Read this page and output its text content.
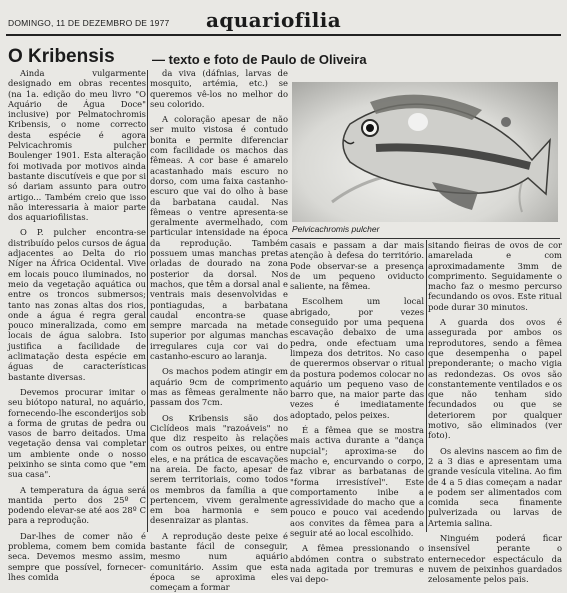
DOMINGO, 11 DE DEZEMBRO DE 1977 aquariofilia
O Kribensis	— texto e foto de Paulo de Oliveira

Ainda vulgarmente designado em obras recentes (na 1a. edição do meu livro "O Aquário de Água Doce" inclusive) por Pelmatochromis Kribensis, o nome correcto desta espécie é agora Pelvicachromis pulcher Boulenger 1901. Esta alteração foi motivada por motivos ainda bastante discutíveis e que por si só dariam assunto para outro artigo... Também creio que isso não interessaria à maior parte dos aquariofilistas.

O P. pulcher encontra-se distribuído pelos cursos de água adjacentes ao Delta do rio Níger na África Ocidental. Vive em locais pouco iluminados, no meio da vegetação aquática ou entre os troncos submersos; tanto nas zonas altas dos rios, onde a água é regra geral pouco mineralizada, como em locais de água salobra. Isto justifica a facilidade de aclimatação desta espécie em águas de características bastante diversas.

Devemos procurar imitar o seu biótopo natural, no aquário, fornecendo-lhe esconderijos sob a forma de grutas de pedra ou vasos de barro deitados. Uma vegetação densa vai completar um ambiente onde o nosso peixinho se sinta como que "em sua casa".

A temperatura da água será mantida perto dos 25º C podendo elevar-se até aos 28º C para a reprodução.

Dar-lhes de comer não é problema, comem bem comida seca. Devemos mesmo assim, sempre que possível, fornecer-lhes comida

da viva (dáfnias, larvas de mosquito, artémia, etc.) se queremos vê-los no melhor do seu colorido.

A coloração apesar de não ser muito vistosa é contudo bonita e permite diferenciar com facilidade os machos das fêmeas. A cor base é amarelo acastanhado mais escuro no dorso, com uma faixa castanho-escuro que vai do olho à base da barbatana caudal. Nas fêmeas o ventre apresenta-se geralmente avermelhado, com particular intensidade na época da reprodução. Também possuem umas manchas pretas orladas de dourado na zona posterior da dorsal. Nos machos, que têm a dorsal anal e ventrais mais desenvolvidas e pontiagudas, a barbatana caudal encontra-se quase sempre marcada na metade superior por algumas manchas irregulares cuja cor vai do castanho-escuro ao laranja.

Os machos podem atingir em aquário 9cm de comprimento mas as fêmeas geralmente não passam dos 7cm.

Os Kribensis são dos Ciclídeos mais "razoáveis" no que diz respeito às relações com os outros peixes, ou entre eles, e na prática de escavações na areia. De facto, apesar de serem territoriais, como todos os membros da família a que pertencem, vivem geralmente em boa harmonia e sem desenraizar as plantas.

A reprodução deste peixe é bastante fácil de conseguir, mesmo num aquário comunitário. Assim que esta época se aproxima eles começam a formar

Pelvicachromis pulcher

casais e passam a dar mais atenção à defesa do território. Pode observar-se a presença de um pequeno oviducto saliente, na fêmea.

Escolhem um local abrigado, por vezes conseguido por uma pequena escavação debaixo de uma pedra, onde efectuam uma limpeza dos detritos. No caso de querermos observar o ritual da postura podemos colocar no aquário um pequeno vaso de barro que, na maior parte das vezes é imediatamente adoptado, pelos peixes.

É a fêmea que se mostra mais activa durante a "dança nupcial"; aproxima-se do macho e, encurvando o corpo, faz vibrar as barbatanas de "forma irresistível". Este comportamento inibe a agressividade do macho que a pouco e pouco vai acedendo aos convites da fêmea para a seguir até ao local escolhido.

A fêmea pressionando o abdómen contra o substrato nada agitada por tremuras e vai depo-

sitando fieiras de ovos de cor amarelada e com aproximadamente 3mm de comprimento. Seguidamente o macho faz o mesmo percurso fecundando os ovos. Este ritual pode durar 30 minutos.

A guarda dos ovos é assegurada por ambos os reprodutores, sendo a fêmea que desempenha o papel preponderante; o macho vigia as redondezas. Os ovos são constantemente ventilados e os que não tenham sido fecundados ou que se deteriorem por qualquer motivo, são eliminados (ver foto).

Os alevins nascem ao fim de 2 a 3 dias e apresentam uma grande vesícula vitelina. Ao fim de 4 a 5 dias começam a nadar e podem ser alimentados com comida seca finamente pulverizada ou larvas de Artemia salina.

Ninguém poderá ficar insensível perante o enternecedor espectáculo da nuvem de peixinhos guardados zelosamente pelos pais.
